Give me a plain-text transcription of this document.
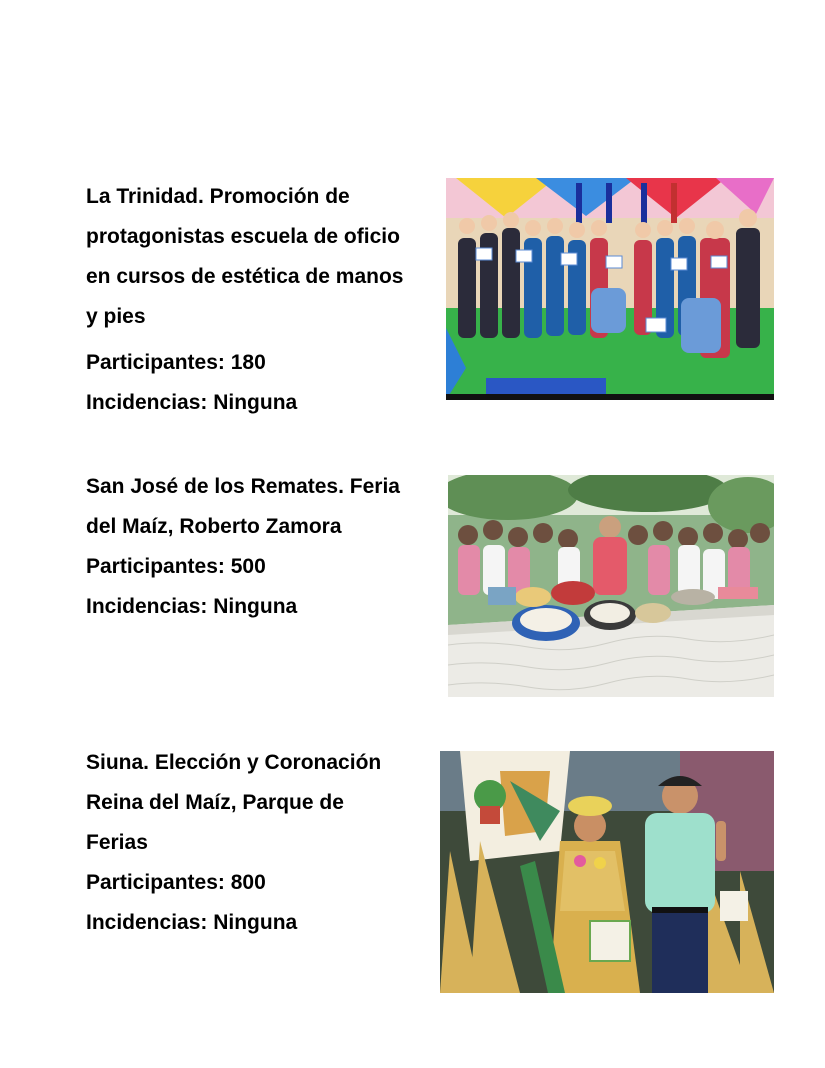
La Trinidad. Promoción de
protagonistas escuela de oficio
en cursos de estética de manos
y pies
Participantes: 180
Incidencias: Ninguna
San José de los Remates. Feria
del Maíz, Roberto Zamora
Participantes: 500
Incidencias: Ninguna
Siuna. Elección y Coronación
Reina del Maíz, Parque de
Ferias
Participantes: 800
Incidencias: Ninguna
